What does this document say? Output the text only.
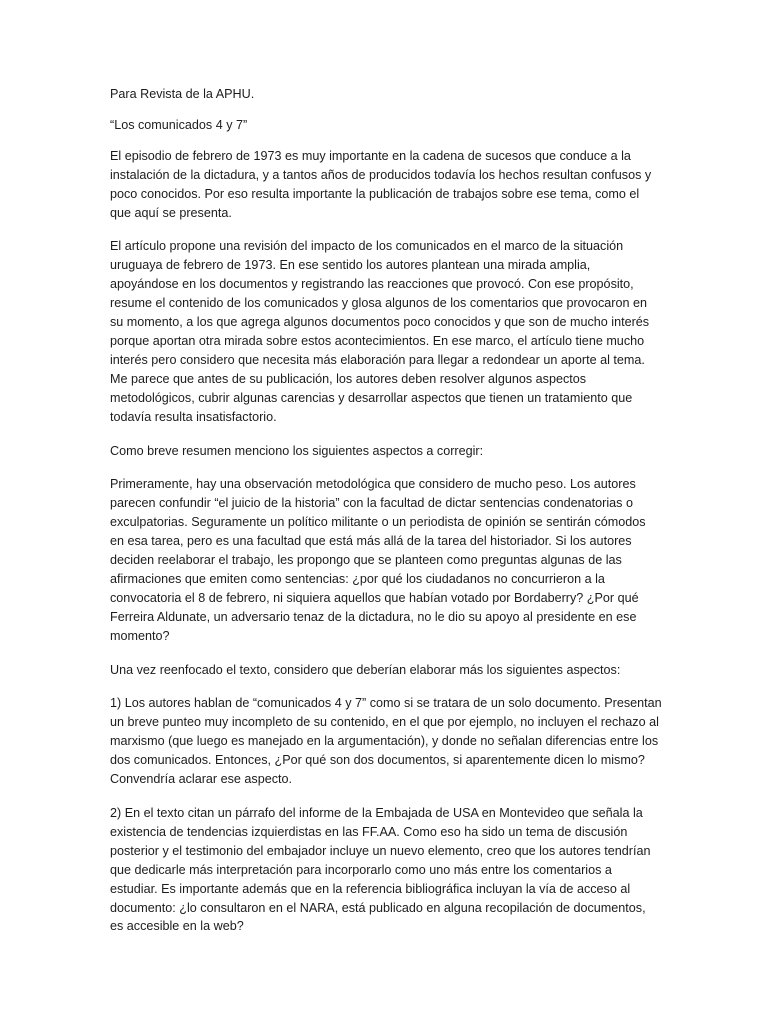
Para Revista de la APHU.

“Los comunicados 4 y 7”

El episodio de febrero de 1973 es muy importante en la cadena de sucesos que conduce a la instalación de la dictadura, y a tantos años de producidos todavía los hechos resultan confusos y poco conocidos. Por eso resulta importante la publicación de trabajos sobre ese tema, como el que aquí se presenta.

El artículo propone una revisión del impacto de los comunicados en el marco de la situación uruguaya de febrero de 1973. En ese sentido los autores plantean una mirada amplia, apoyándose en los documentos y registrando las reacciones que provocó. Con ese propósito, resume el contenido de los comunicados y glosa algunos de los comentarios que provocaron en su momento, a los que agrega algunos documentos poco conocidos y que son de mucho interés porque aportan otra mirada sobre estos acontecimientos. En ese marco, el artículo tiene mucho interés pero considero que necesita más elaboración para llegar a redondear un aporte al tema. Me parece que antes de su publicación, los autores deben resolver algunos aspectos metodológicos, cubrir algunas carencias y desarrollar aspectos que tienen un tratamiento que todavía resulta insatisfactorio.

Como breve resumen menciono los siguientes aspectos a corregir:

Primeramente, hay una observación metodológica que considero de mucho peso. Los autores parecen confundir “el juicio de la historia” con la facultad de dictar sentencias condenatorias o exculpatorias. Seguramente un político militante o un periodista de opinión se sentirán cómodos en esa tarea, pero es una facultad que está más allá de la tarea del historiador. Si los autores deciden reelaborar el trabajo, les propongo que se planteen como preguntas algunas de las afirmaciones que emiten como sentencias: ¿por qué los ciudadanos no concurrieron a la convocatoria el 8 de febrero, ni siquiera aquellos que habían votado por Bordaberry? ¿Por qué Ferreira Aldunate, un adversario tenaz de la dictadura, no le dio su apoyo al presidente en ese momento?

Una vez reenfocado el texto, considero que deberían elaborar más los siguientes aspectos:

1) Los autores hablan de “comunicados 4 y 7” como si se tratara de un solo documento. Presentan un breve punteo muy incompleto de su contenido, en el que por ejemplo, no incluyen el rechazo al marxismo (que luego es manejado en la argumentación), y donde no señalan diferencias entre los dos comunicados. Entonces, ¿Por qué son dos documentos, si aparentemente dicen lo mismo? Convendría aclarar ese aspecto.

2) En el texto citan un párrafo del informe de la Embajada de USA en Montevideo que señala la existencia de tendencias izquierdistas en las FF.AA. Como eso ha sido un tema de discusión posterior y el testimonio del embajador incluye un nuevo elemento, creo que los autores tendrían que dedicarle más interpretación para incorporarlo como uno más entre los comentarios a estudiar. Es importante además que en la referencia bibliográfica incluyan la vía de acceso al documento: ¿lo consultaron en el NARA, está publicado en alguna recopilación de documentos, es accesible en la web?
